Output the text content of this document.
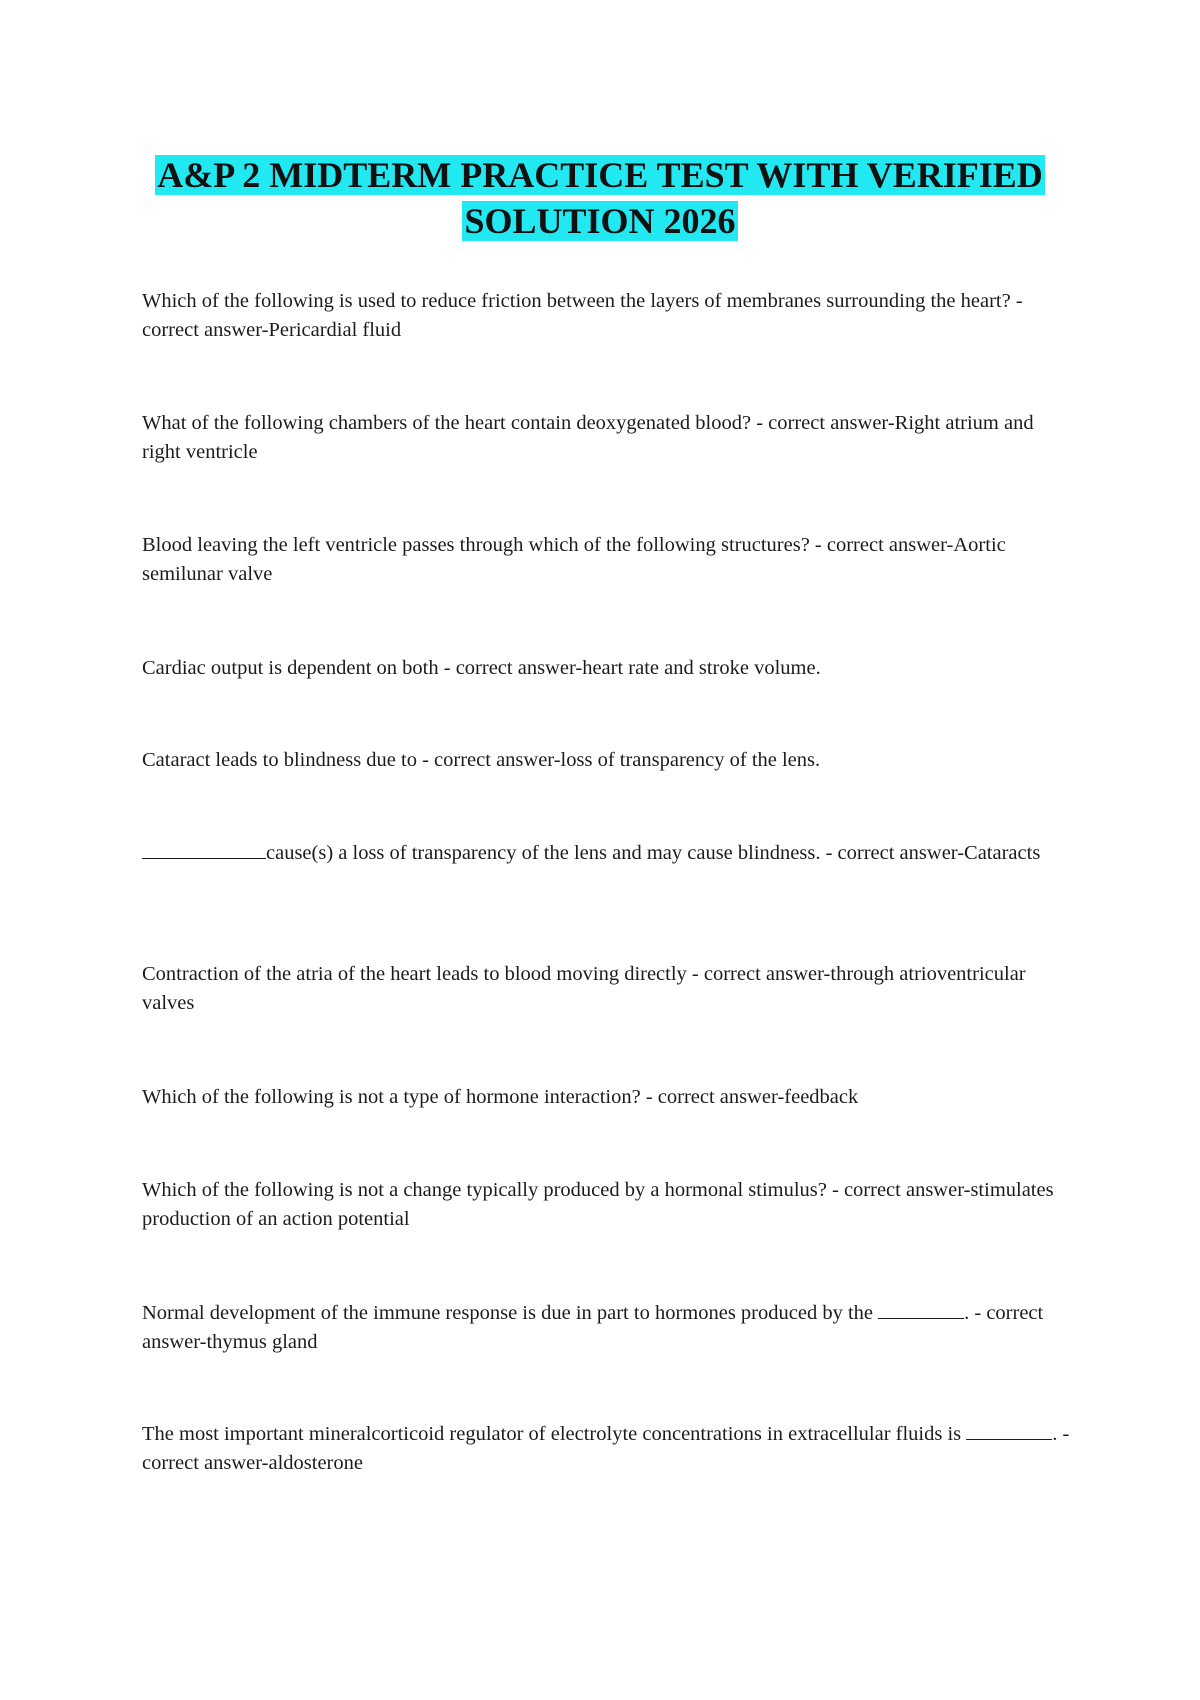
A&P 2 MIDTERM PRACTICE TEST WITH VERIFIED
SOLUTION 2026
Which of the following is used to reduce friction between the layers of membranes surrounding the heart? - correct answer-Pericardial fluid
What of the following chambers of the heart contain deoxygenated blood? - correct answer-Right atrium and right ventricle
Blood leaving the left ventricle passes through which of the following structures? - correct answer-Aortic semilunar valve
Cardiac output is dependent on both - correct answer-heart rate and stroke volume.
Cataract leads to blindness due to - correct answer-loss of transparency of the lens.
cause(s) a loss of transparency of the lens and may cause blindness. - correct answer-Cataracts
Contraction of the atria of the heart leads to blood moving directly - correct answer-through atrioventricular valves
Which of the following is not a type of hormone interaction? - correct answer-feedback
Which of the following is not a change typically produced by a hormonal stimulus? - correct answer-stimulates production of an action potential
Normal development of the immune response is due in part to hormones produced by the	. - correct answer-thymus gland
The most important mineralcorticoid regulator of electrolyte concentrations in extracellular fluids is	. - correct answer-aldosterone
